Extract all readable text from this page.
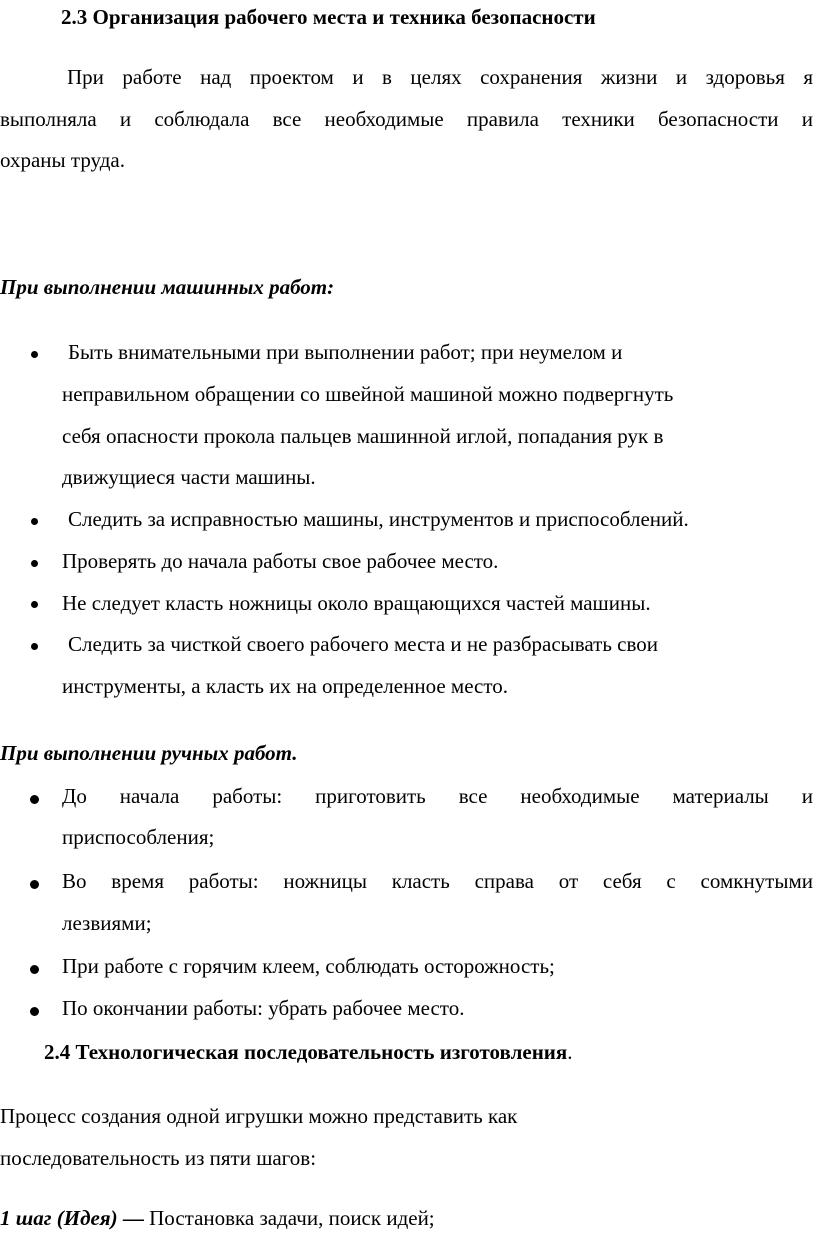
2.3 Организация рабочего места и техника безопасности
При работе над проектом и в целях сохранения жизни и здоровья я
выполняла и соблюдала все необходимые правила техники безопасности и
охраны труда.
При выполнении машинных работ:
Быть внимательными при выполнении работ; при неумелом и
неправильном обращении со швейной машиной можно подвергнуть
себя опасности прокола пальцев машинной иглой, попадания рук в
движущиеся части машины.
Следить за исправностью машины, инструментов и приспособлений.
Проверять до начала работы свое рабочее место.
Не следует класть ножницы около вращающихся частей машины.
Следить за чисткой своего рабочего места и не разбрасывать свои
инструменты, а класть их на определенное место.
При выполнении ручных работ.
До начала работы: приготовить все необходимые материалы и
приспособления;
Во время работы: ножницы класть справа от себя с сомкнутыми
лезвиями;
При работе с горячим клеем, соблюдать осторожность;
По окончании работы: убрать рабочее место.
2.4 Технологическая последовательность изготовления.
Процесс создания одной игрушки можно представить как
последовательность из пяти шагов:
1 шаг (Идея) — Постановка задачи, поиск идей;
